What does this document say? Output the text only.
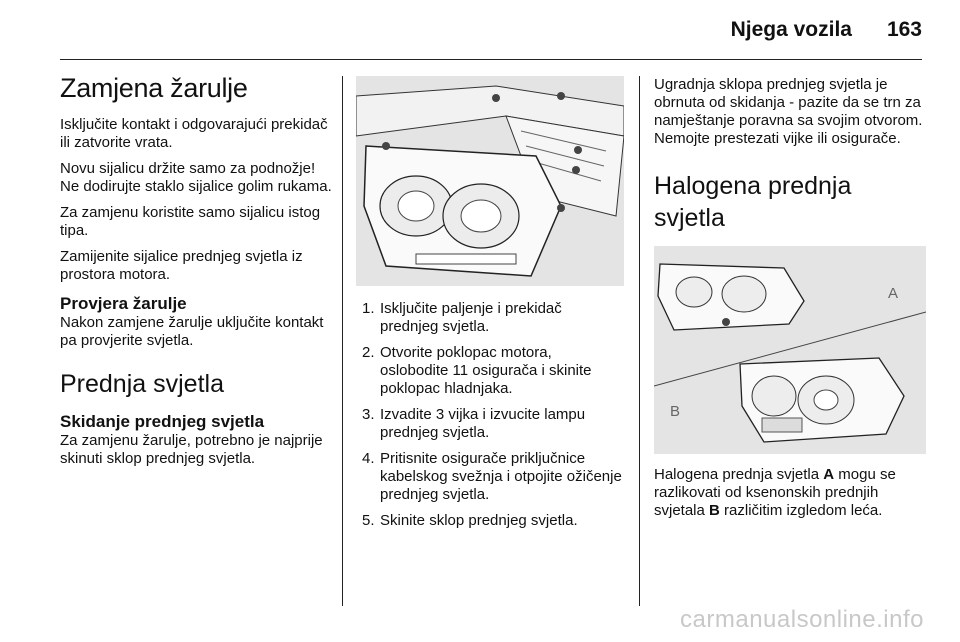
Njega vozila 163
Zamjena žarulje

Isključite kontakt i odgovarajući prekidač ili zatvorite vrata.

Novu sijalicu držite samo za podnožje! Ne dodirujte staklo sijalice golim rukama.

Za zamjenu koristite samo sijalicu istog tipa.

Zamijenite sijalice prednjeg svjetla iz prostora motora.

Provjera žarulje

Nakon zamjene žarulje uključite kontakt pa provjerite svjetla.

Prednja svjetla
Skidanje prednjeg svjetla

Za zamjenu žarulje, potrebno je najprije skinuti sklop prednjeg svjetla.

1. Isključite paljenje i prekidač prednjeg svjetla.
2. Otvorite poklopac motora, oslobodite 11 osigurača i skinite poklopac hladnjaka.
3. Izvadite 3 vijka i izvucite lampu prednjeg svjetla.
4. Pritisnite osigurače priključnice kabelskog svežnja i otpojite ožičenje prednjeg svjetla.
5. Skinite sklop prednjeg svjetla.

Ugradnja sklopa prednjeg svjetla je obrnuta od skidanja - pazite da se trn za namještanje poravna sa svojim otvorom. Nemojte prestezati vijke ili osigurače.

Halogena prednja svjetla
A
B

Halogena prednja svjetla A mogu se razlikovati od ksenonskih prednjih svjetala B različitim izgledom leća.

carmanualsonline.info
